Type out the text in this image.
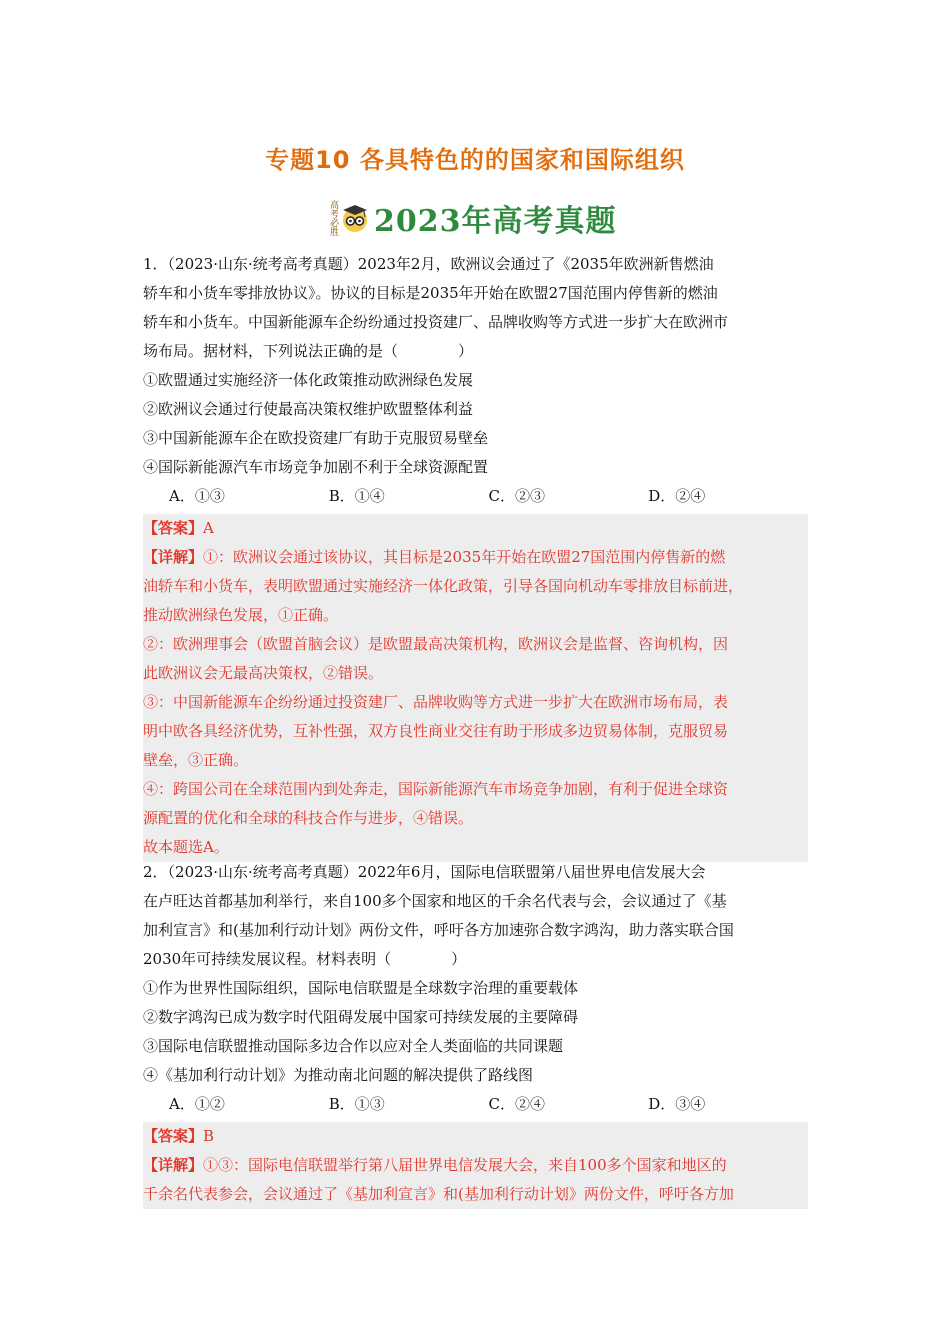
专题10 各具特色的的国家和国际组织
高考必胜 2023年高考真题

1．（2023·山东·统考高考真题）2023年2月，欧洲议会通过了《2035年欧洲新售燃油

轿车和小货车零排放协议》。协议的目标是2035年开始在欧盟27国范围内停售新的燃油

轿车和小货车。中国新能源车企纷纷通过投资建厂、品牌收购等方式进一步扩大在欧洲市

场布局。据材料，下列说法正确的是（　　　　）

①欧盟通过实施经济一体化政策推动欧洲绿色发展

②欧洲议会通过行使最高决策权维护欧盟整体利益

③中国新能源车企在欧投资建厂有助于克服贸易壁垒

④国际新能源汽车市场竞争加剧不利于全球资源配置

A．①③	B．①④	C．②③	D．②④

【答案】A

【详解】①：欧洲议会通过该协议，其目标是2035年开始在欧盟27国范围内停售新的燃

油轿车和小货车，表明欧盟通过实施经济一体化政策，引导各国向机动车零排放目标前进，

推动欧洲绿色发展，①正确。

②：欧洲理事会（欧盟首脑会议）是欧盟最高决策机构，欧洲议会是监督、咨询机构，因

此欧洲议会无最高决策权，②错误。

③：中国新能源车企纷纷通过投资建厂、品牌收购等方式进一步扩大在欧洲市场布局，表

明中欧各具经济优势，互补性强，双方良性商业交往有助于形成多边贸易体制，克服贸易

壁垒，③正确。

④：跨国公司在全球范围内到处奔走，国际新能源汽车市场竞争加剧，有利于促进全球资

源配置的优化和全球的科技合作与进步，④错误。

故本题选A。

2．（2023·山东·统考高考真题）2022年6月，国际电信联盟第八届世界电信发展大会

在卢旺达首都基加利举行，来自100多个国家和地区的千余名代表与会，会议通过了《基

加利宣言》和(基加利行动计划》两份文件，呼吁各方加速弥合数字鸿沟，助力落实联合国

2030年可持续发展议程。材料表明（　　　　）

①作为世界性国际组织，国际电信联盟是全球数字治理的重要载体

②数字鸿沟已成为数字时代阻碍发展中国家可持续发展的主要障碍

③国际电信联盟推动国际多边合作以应对全人类面临的共同课题

④《基加利行动计划》为推动南北问题的解决提供了路线图

A．①②	B．①③	C．②④	D．③④

【答案】B

【详解】①③：国际电信联盟举行第八届世界电信发展大会，来自100多个国家和地区的

千余名代表参会，会议通过了《基加利宣言》和(基加利行动计划》两份文件，呼吁各方加
